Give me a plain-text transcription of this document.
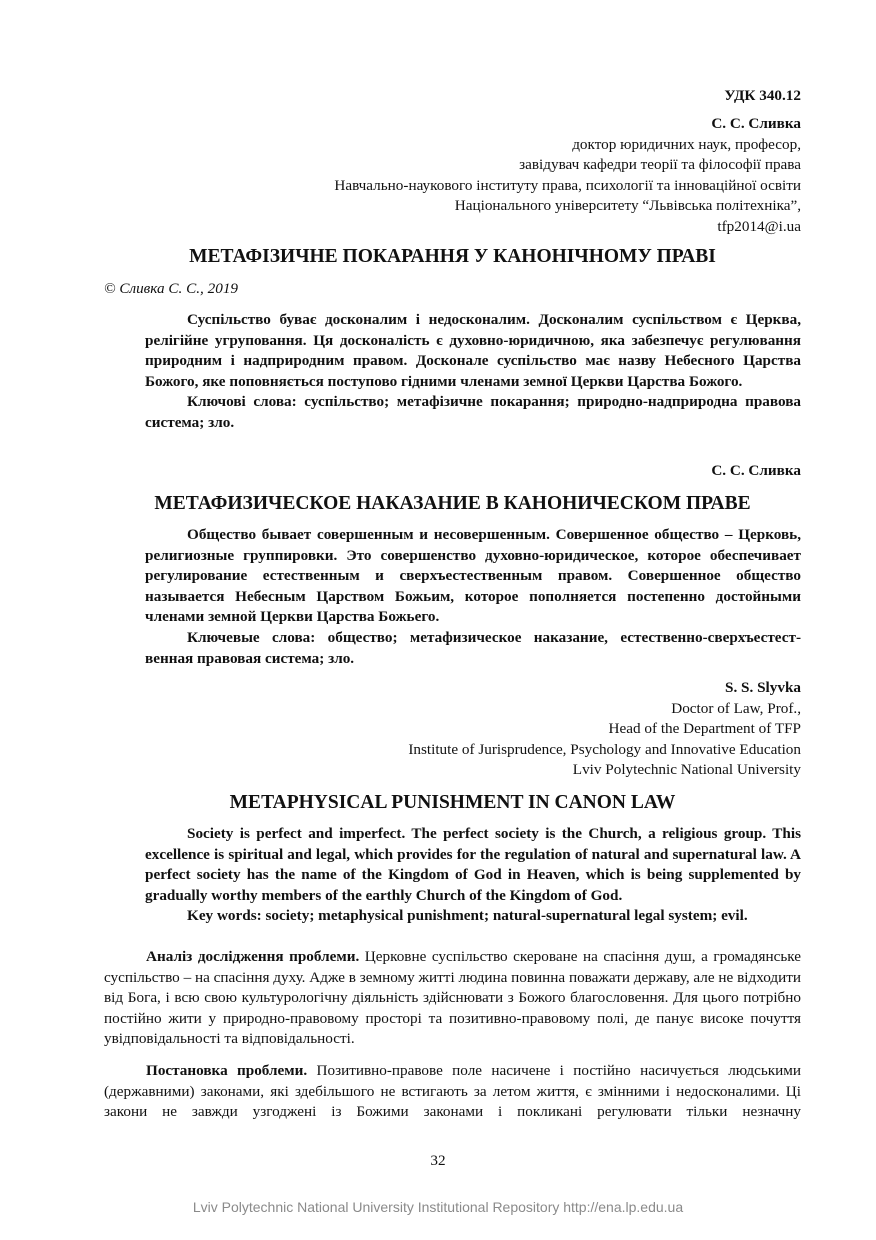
УДК 340.12
С. С. Сливка
доктор юридичних наук, професор,
завідувач кафедри теорії та філософії права
Навчально-наукового інституту права, психології та інноваційної освіти
Національного університету “Львівська політехніка”,
tfp2014@i.ua
МЕТАФІЗИЧНЕ ПОКАРАННЯ У КАНОНІЧНОМУ ПРАВІ
© Сливка С. С., 2019

Суспільство буває досконалим і недосконалим. Досконалим суспільством є Церква, релігійне угруповання. Ця досконалість є духовно-юридичною, яка забезпечує регулювання природним і надприродним правом. Досконале суспільство має назву Небесного Царства Божого, яке поповняється поступово гідними членами земної Церкви Царства Божого.

Ключові слова: суспільство; метафізичне покарання; природно-надприродна правова система; зло.

С. С. Сливка
МЕТАФИЗИЧЕСКОЕ НАКАЗАНИЕ В КАНОНИЧЕСКОМ ПРАВЕ

Общество бывает совершенным и несовершенным. Совершенное общество – Церковь, религиозные группировки. Это совершенство духовно-юридическое, которое обеспечивает регулирование естественным и сверхъестественным правом. Совершенное общество называется Небесным Царством Божьим, которое пополняется постепенно достойными членами земной Церкви Царства Божьего.

Ключевые слова: общество; метафизическое наказание, естественно-сверхъестественная правовая система; зло.

S. S. Slyvka
Doctor of Law, Prof.,
Head of the Department of TFP
Institute of Jurisprudence, Psychology and Innovative Education
Lviv Polytechnic National University
METAPHYSICAL PUNISHMENT IN CANON LAW

Society is perfect and imperfect. The perfect society is the Church, a religious group. This excellence is spiritual and legal, which provides for the regulation of natural and supernatural law. A perfect society has the name of the Kingdom of God in Heaven, which is being supplemented by gradually worthy members of the earthly Church of the Kingdom of God.

Key words: society; metaphysical punishment; natural-supernatural legal system; evil.

Аналіз дослідження проблеми. Церковне суспільство скероване на спасіння душ, а громадянське суспільство – на спасіння духу. Адже в земному житті людина повинна поважати державу, але не відходити від Бога, і всю свою культурологічну діяльність здійснювати з Божого благословення. Для цього потрібно постійно жити у природно-правовому просторі та позитивно-правовому полі, де панує високе почуття увідповідальності та відповідальності.

Постановка проблеми. Позитивно-правове поле насичене і постійно насичується людськими (державними) законами, які здебільшого не встигають за летом життя, є змінними і недосконалими. Ці закони не завжди узгоджені із Божими законами і покликані регулювати тільки незначну

32
Lviv Polytechnic National University Institutional Repository http://ena.lp.edu.ua
